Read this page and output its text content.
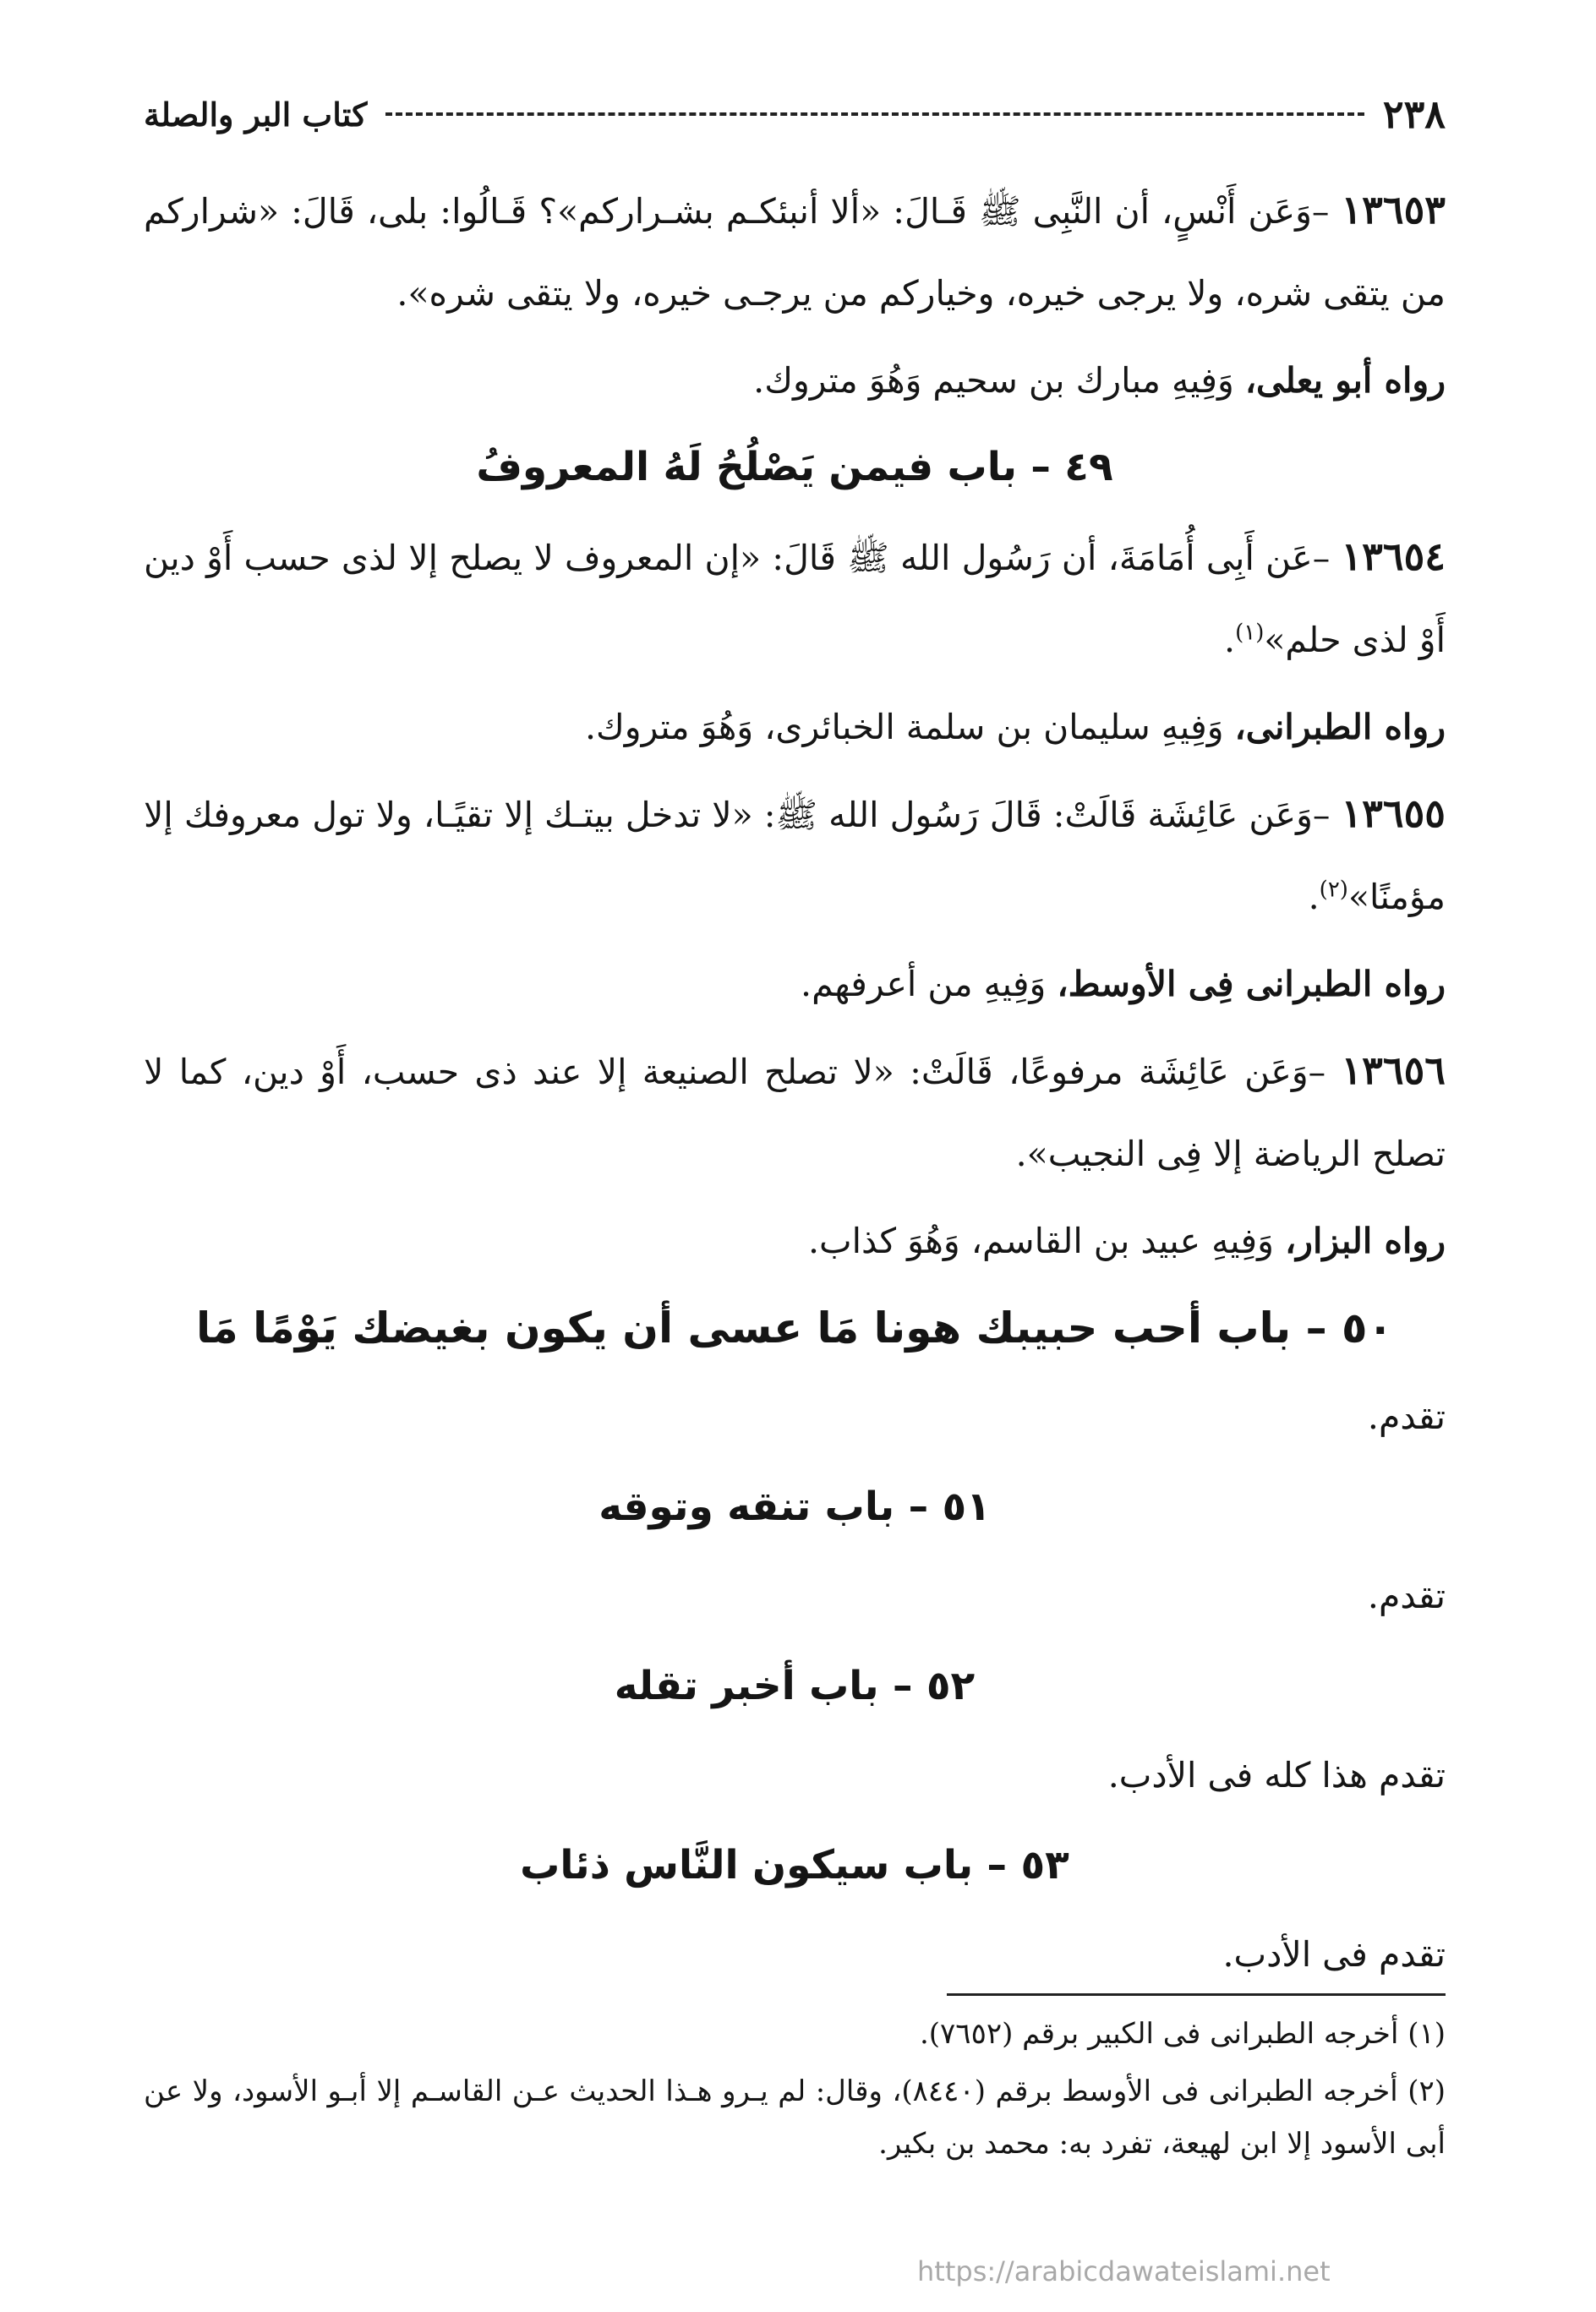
٢٣٨
كتاب البر والصلة

١٣٦٥٣ –وَعَن أَنْسٍ، أن النَّبِى ﷺ قَـالَ: «ألا أنبئكـم بشـراركم»؟ قَـالُوا: بلى، قَالَ: «شراركم من يتقى شره، ولا يرجى خيره، وخياركم من يرجـى خيره، ولا يتقى شره».

رواه أبو يعلى، وَفِيهِ مبارك بن سحيم وَهُوَ متروك.

٤٩ – باب فيمن يَصْلُحُ لَهُ المعروفُ

١٣٦٥٤ –عَن أَبِى أُمَامَةَ، أن رَسُول الله ﷺ قَالَ: «إن المعروف لا يصلح إلا لذى حسب أَوْ دين أَوْ لذى حلم»$^{(١)}$.

رواه الطبرانى، وَفِيهِ سليمان بن سلمة الخبائرى، وَهُوَ متروك.

١٣٦٥٥ –وَعَن عَائِشَة قَالَتْ: قَالَ رَسُول الله ﷺ: «لا تدخل بيتـك إلا تقيًـا، ولا تول معروفك إلا مؤمنًا»$^{(٢)}$.

رواه الطبرانى فِى الأوسط، وَفِيهِ من أعرفهم.

١٣٦٥٦ –وَعَن عَائِشَة مرفوعًا، قَالَتْ: «لا تصلح الصنيعة إلا عند ذى حسب، أَوْ دين، كما لا تصلح الرياضة إلا فِى النجيب».

رواه البزار، وَفِيهِ عبيد بن القاسم، وَهُوَ كذاب.

٥٠ – باب أحب حبيبك هونا مَا عسى أن يكون بغيضك يَوْمًا مَا

تقدم.

٥١ – باب تنقه وتوقه

تقدم.

٥٢ – باب أخبر تقله

تقدم هذا كله فى الأدب.

٥٣ – باب سيكون النَّاس ذئاب

تقدم فى الأدب.

(١) أخرجه الطبرانى فى الكبير برقم (٧٦٥٢).

(٢) أخرجه الطبرانى فى الأوسط برقم (٨٤٤٠)، وقال: لم يـرو هـذا الحديث عـن القاسـم إلا أبـو الأسود، ولا عن أبى الأسود إلا ابن لهيعة، تفرد به: محمد بن بكير.

https://arabicdawateislami.net
